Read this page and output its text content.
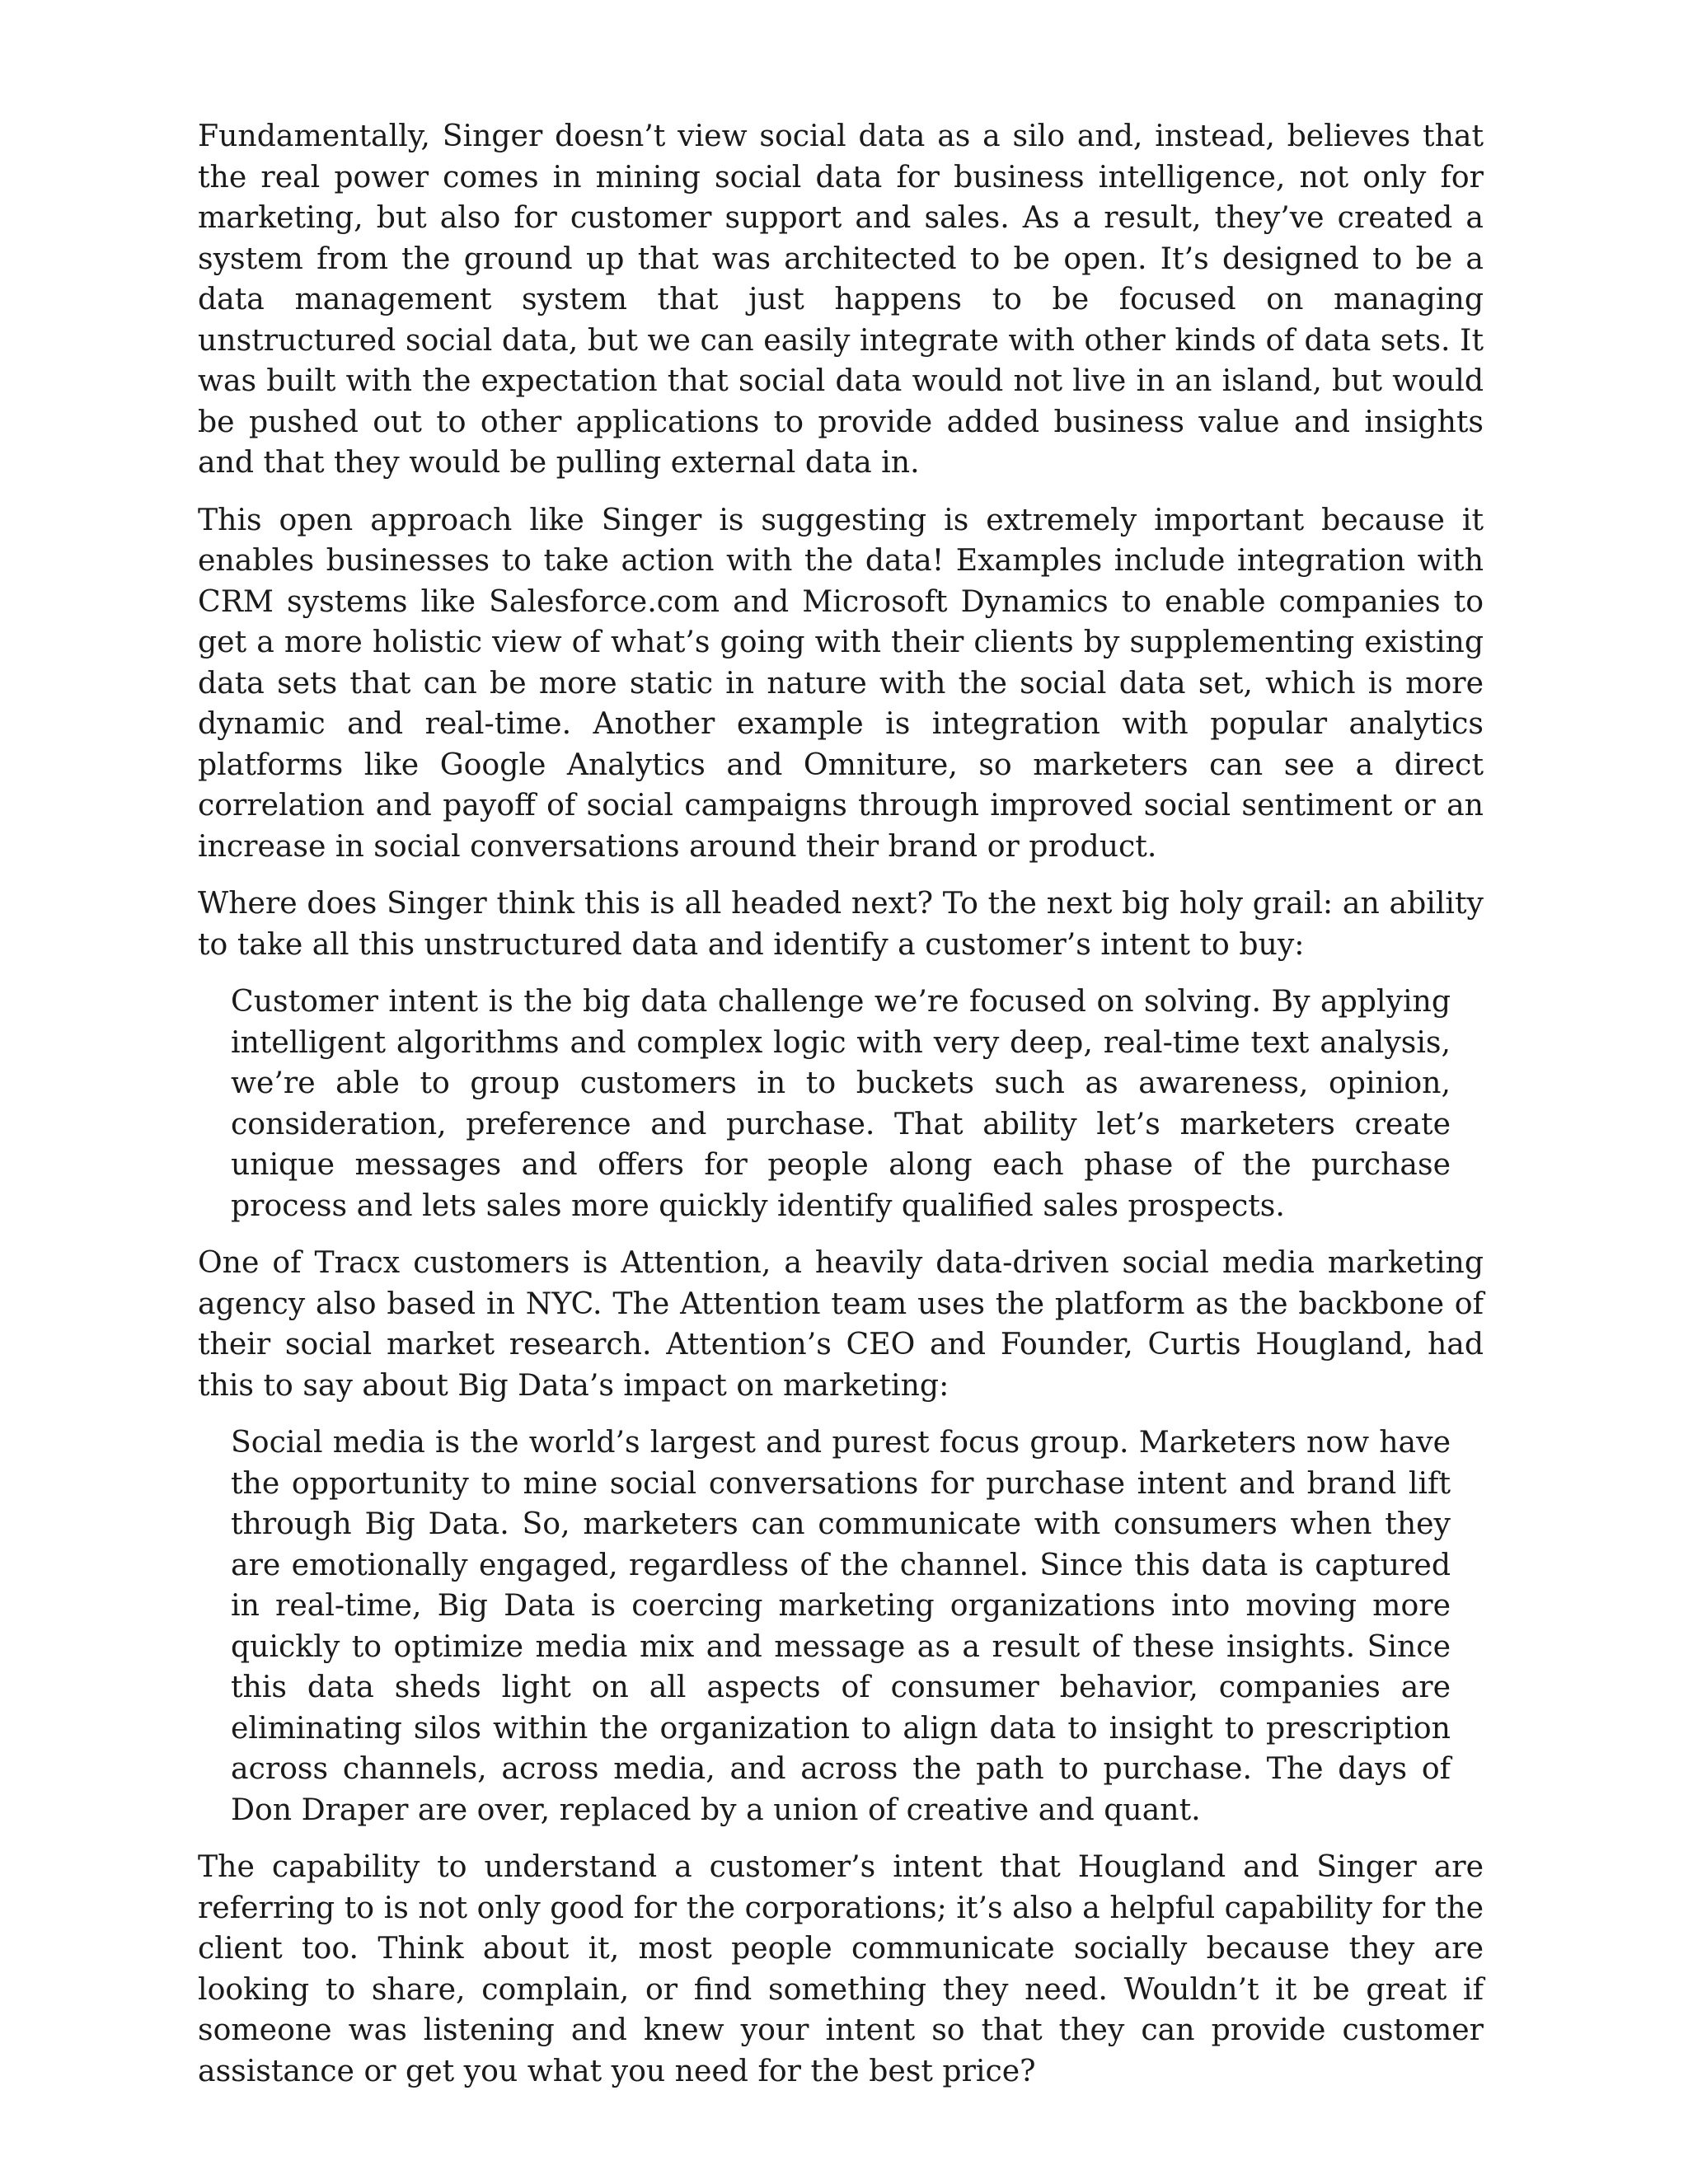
Fundamentally, Singer doesn’t view social data as a silo and, instead, believes that the real power comes in mining social data for business intelligence, not only for marketing, but also for customer support and sales. As a result, they’ve created a system from the ground up that was architected to be open. It’s designed to be a data management system that just happens to be focused on managing unstructured social data, but we can easily integrate with other kinds of data sets. It was built with the expectation that social data would not live in an island, but would be pushed out to other applications to provide added business value and insights and that they would be pulling external data in.

This open approach like Singer is suggesting is extremely important because it enables businesses to take action with the data! Examples include integration with CRM systems like Salesforce.com and Microsoft Dynamics to enable companies to get a more holistic view of what’s going with their clients by supplementing existing data sets that can be more static in nature with the social data set, which is more dynamic and real-time. Another example is integration with popular analytics platforms like Google Analytics and Omniture, so marketers can see a direct correlation and payoff of social campaigns through improved social sentiment or an increase in social conversations around their brand or product.

Where does Singer think this is all headed next? To the next big holy grail: an ability to take all this unstructured data and identify a customer’s intent to buy:

Customer intent is the big data challenge we’re focused on solving. By applying intelligent algorithms and complex logic with very deep, real-time text analysis, we’re able to group customers in to buckets such as awareness, opinion, consideration, preference and purchase. That ability let’s marketers create unique messages and offers for people along each phase of the purchase process and lets sales more quickly identify qualified sales prospects.

One of Tracx customers is Attention, a heavily data-driven social media marketing agency also based in NYC. The Attention team uses the platform as the backbone of their social market research. Attention’s CEO and Founder, Curtis Hougland, had this to say about Big Data’s impact on marketing:

Social media is the world’s largest and purest focus group. Marketers now have the opportunity to mine social conversations for purchase intent and brand lift through Big Data. So, marketers can communicate with consumers when they are emotionally engaged, regardless of the channel. Since this data is captured in real-time, Big Data is coercing marketing organizations into moving more quickly to optimize media mix and message as a result of these insights. Since this data sheds light on all aspects of consumer behavior, companies are eliminating silos within the organization to align data to insight to prescription across channels, across media, and across the path to purchase. The days of Don Draper are over, replaced by a union of creative and quant.

The capability to understand a customer’s intent that Hougland and Singer are referring to is not only good for the corporations; it’s also a helpful capability for the client too. Think about it, most people communicate socially because they are looking to share, complain, or find something they need. Wouldn’t it be great if someone was listening and knew your intent so that they can provide customer assistance or get you what you need for the best price?
